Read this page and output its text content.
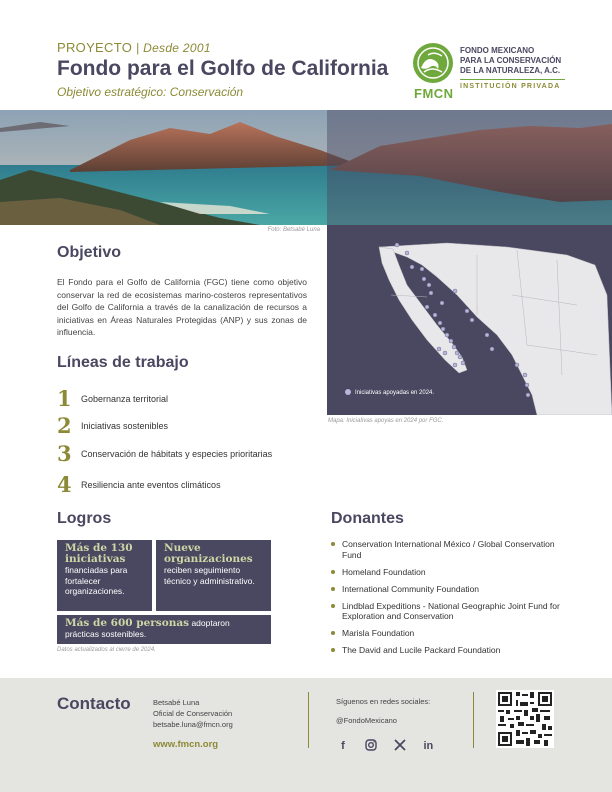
PROYECTO | Desde 2001
Fondo para el Golfo de California
Objetivo estratégico: Conservación	FMCN
FONDO MEXICANO
PARA LA CONSERVACIÓN
DE LA NATURALEZA, A.C.
INSTITUCIÓN PRIVADA
Foto: Betsabé Luna
Iniciativas apoyadas en 2024.
Mapa: Iniciativas apoyas en 2024 por FGC.
Objetivo
El Fondo para el Golfo de California (FGC) tiene como objetivo conservar la red de ecosistemas marino-costeros representativos del Golfo de California a través de la canalización de recursos a iniciativas en Áreas Naturales Protegidas (ANP) y sus zonas de influencia.
Líneas de trabajo
1 Gobernanza territorial
2 Iniciativas sostenibles
3 Conservación de hábitats y especies prioritarias
4 Resiliencia ante eventos climáticos
Logros
Más de 130 iniciativas
financiadas para fortalecer organizaciones.
Nueve organizaciones
reciben seguimiento técnico y administrativo.
Más de 600 personas adoptaron prácticas sostenibles.
Datos actualizados al cierre de 2024.
Donantes
Conservation International México / Global Conservation Fund
Homeland Foundation
International Community Foundation
Lindblad Expeditions - National Geographic Joint Fund for Exploration and Conservation
Marisla Foundation
The David and Lucile Packard Foundation
Contacto	Betsabé Luna
Oficial de Conservación
betsabe.luna@fmcn.org
www.fmcn.org
Síguenos en redes sociales:
@FondoMexicano
f	in
